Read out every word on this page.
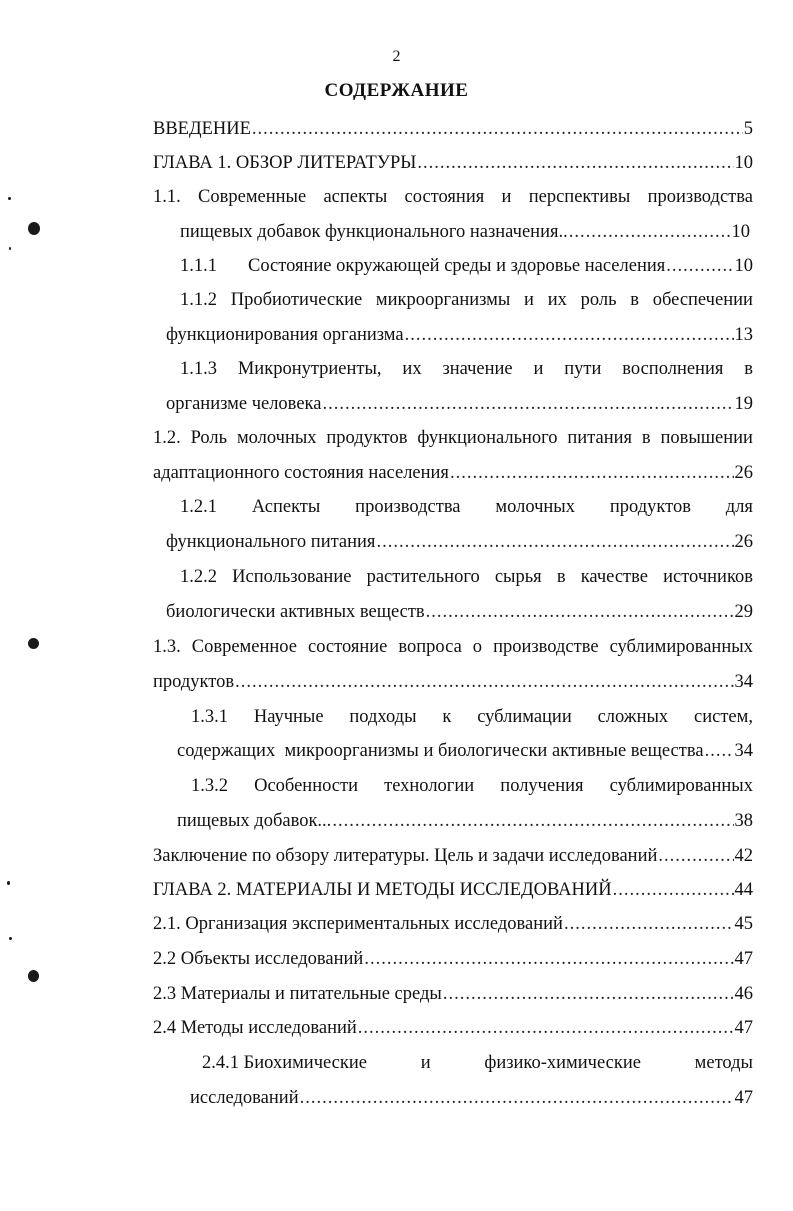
2
СОДЕРЖАНИЕ
ВВЕДЕНИЕ .....	5
ГЛАВА 1. ОБЗОР ЛИТЕРАТУРЫ .....	10
1.1. Современные аспекты состояния и перспективы производства
пищевых добавок функционального назначения.. .....	10
1.1.1	Состояние окружающей среды и здоровье населения .....	10
1.1.2 Пробиотические микроорганизмы и их роль в обеспечении
функционирования организма .....	13
1.1.3 Микронутриенты, их значение и пути восполнения в
организме человека .....	19
1.2. Роль молочных продуктов функционального питания в повышении
адаптационного состояния населения .....	26
1.2.1 Аспекты производства молочных продуктов для
функционального питания .....	26
1.2.2 Использование растительного сырья в качестве источников
биологически активных веществ .....	29
1.3. Современное состояние вопроса о производстве сублимированных
продуктов .....	34
1.3.1 Научные подходы к сублимации сложных систем,
содержащих  микроорганизмы и биологически активные вещества ..... 34
1.3.2 Особенности технологии получения сублимированных
пищевых добавок... .....	38
Заключение по обзору литературы. Цель и задачи исследований .....	42
ГЛАВА 2. МАТЕРИАЛЫ И МЕТОДЫ ИССЛЕДОВАНИЙ .....	44
2.1. Организация экспериментальных исследований .....	45
2.2 Объекты исследований .....	47
2.3 Материалы и питательные среды .....	46
2.4 Методы исследований .....	47
2.4.1 Биохимические	и	физико-химические	методы
исследований .....	47
